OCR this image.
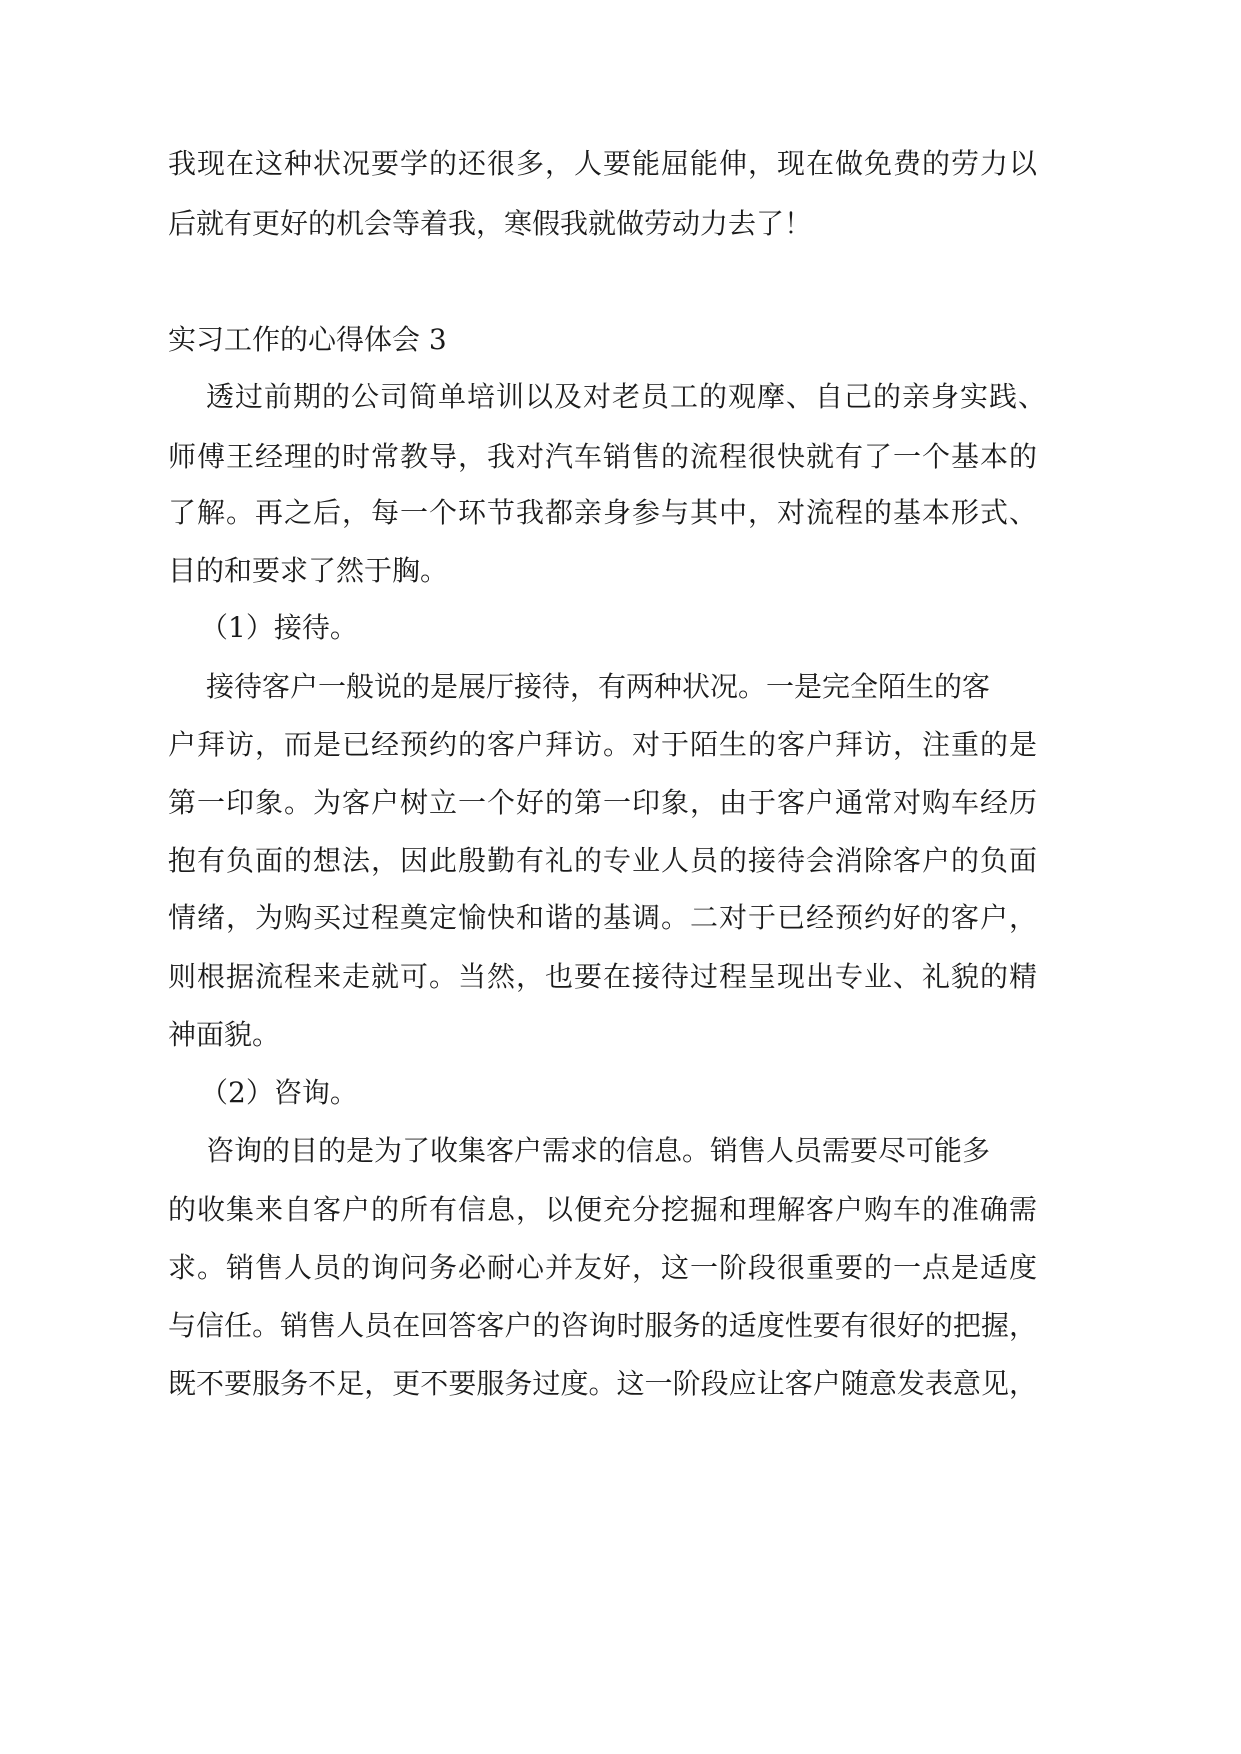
我现在这种状况要学的还很多，人要能屈能伸，现在做免费的劳力以
后就有更好的机会等着我，寒假我就做劳动力去了！
实习工作的心得体会 3
透过前期的公司简单培训以及对老员工的观摩、自己的亲身实践、
师傅王经理的时常教导，我对汽车销售的流程很快就有了一个基本的
了解。再之后，每一个环节我都亲身参与其中，对流程的基本形式、
目的和要求了然于胸。
（1）接待。
接待客户一般说的是展厅接待，有两种状况。一是完全陌生的客
户拜访，而是已经预约的客户拜访。对于陌生的客户拜访，注重的是
第一印象。为客户树立一个好的第一印象，由于客户通常对购车经历
抱有负面的想法，因此殷勤有礼的专业人员的接待会消除客户的负面
情绪，为购买过程奠定愉快和谐的基调。二对于已经预约好的客户，
则根据流程来走就可。当然，也要在接待过程呈现出专业、礼貌的精
神面貌。
（2）咨询。
咨询的目的是为了收集客户需求的信息。销售人员需要尽可能多
的收集来自客户的所有信息，以便充分挖掘和理解客户购车的准确需
求。销售人员的询问务必耐心并友好，这一阶段很重要的一点是适度
与信任。销售人员在回答客户的咨询时服务的适度性要有很好的把握，
既不要服务不足，更不要服务过度。这一阶段应让客户随意发表意见，
